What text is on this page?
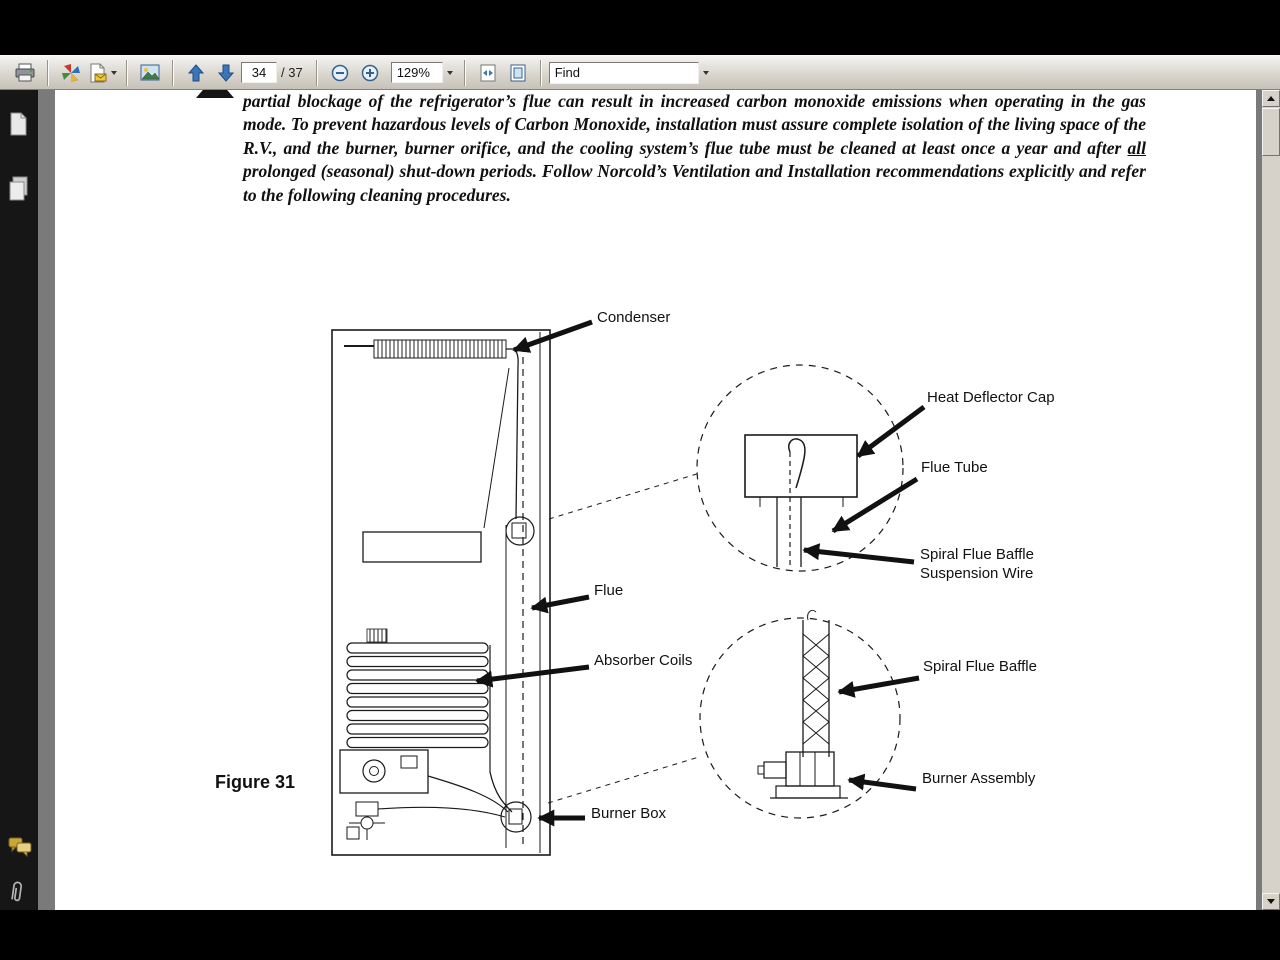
34
/ 37
129%
Find
partial blockage of the refrigerator’s flue can result in increased carbon monoxide emissions when operating in the gas mode. To prevent hazardous levels of Carbon Monoxide, installation must assure complete isolation of the living space of the R.V., and the burner, burner orifice, and the cooling system’s flue tube must be cleaned at least once a year and after all prolonged (seasonal) shut-down periods. Follow Norcold’s Ventilation and Installation recommendations explicitly and refer to the following cleaning procedures.
Condenser
Heat Deflector Cap
Flue Tube
Spiral Flue Baffle
Suspension Wire
Flue
Absorber Coils	Spiral Flue Baffle
Burner Assembly
Burner Box
Figure 31
